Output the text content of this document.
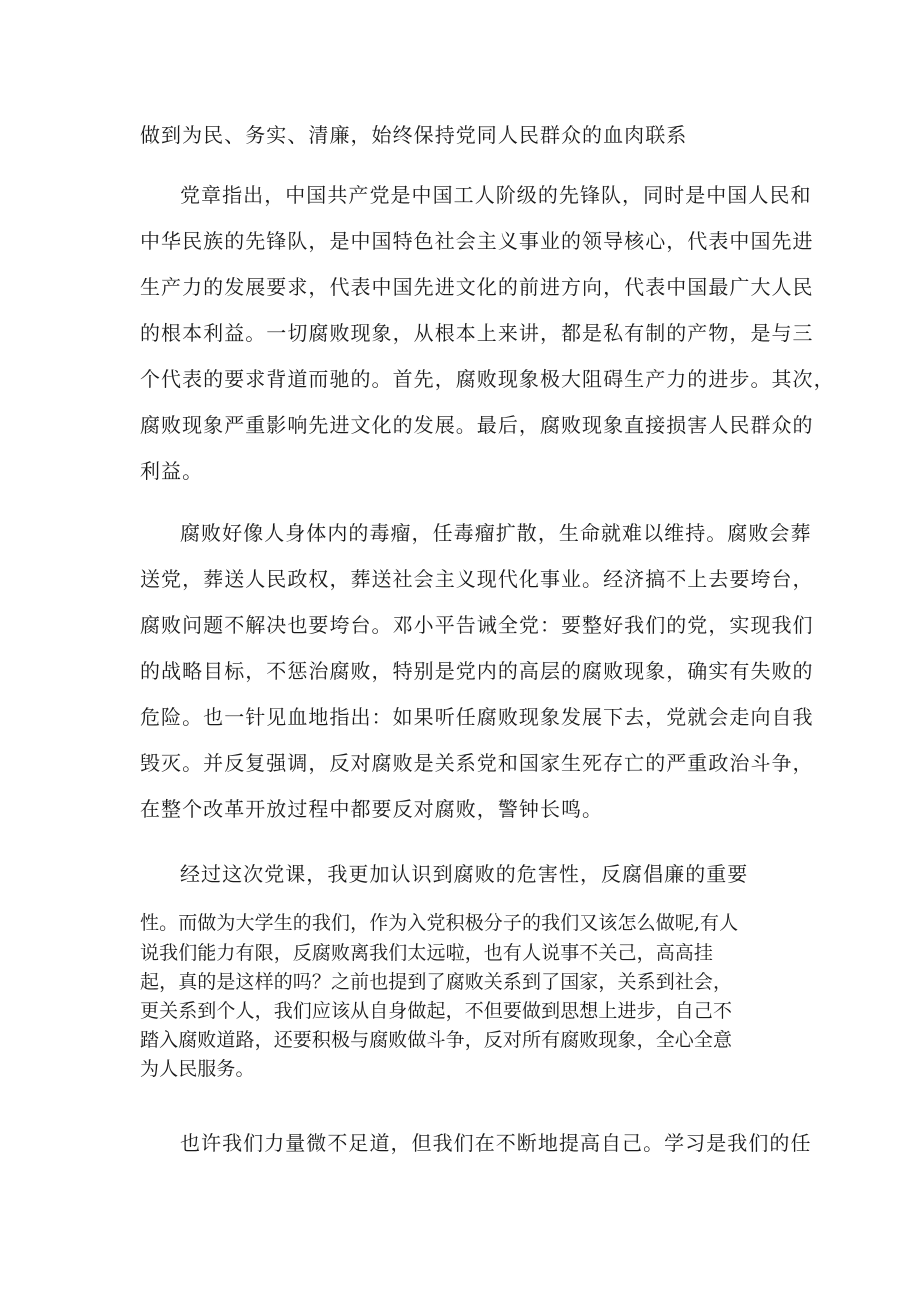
做到为民、务实、清廉，始终保持党同人民群众的血肉联系
党章指出，中国共产党是中国工人阶级的先锋队，同时是中国人民和
中华民族的先锋队，是中国特色社会主义事业的领导核心，代表中国先进
生产力的发展要求，代表中国先进文化的前进方向，代表中国最广大人民
的根本利益。一切腐败现象，从根本上来讲，都是私有制的产物，是与三
个代表的要求背道而驰的。首先，腐败现象极大阻碍生产力的进步。其次，
腐败现象严重影响先进文化的发展。最后，腐败现象直接损害人民群众的
利益。
腐败好像人身体内的毒瘤，任毒瘤扩散，生命就难以维持。腐败会葬
送党，葬送人民政权，葬送社会主义现代化事业。经济搞不上去要垮台，
腐败问题不解决也要垮台。邓小平告诫全党：要整好我们的党，实现我们
的战略目标，不惩治腐败，特别是党内的高层的腐败现象，确实有失败的
危险。也一针见血地指出：如果听任腐败现象发展下去，党就会走向自我
毁灭。并反复强调，反对腐败是关系党和国家生死存亡的严重政治斗争，
在整个改革开放过程中都要反对腐败，警钟长鸣。
经过这次党课，我更加认识到腐败的危害性，反腐倡廉的重要
性。而做为大学生的我们，作为入党积极分子的我们又该怎么做呢,有人
说我们能力有限，反腐败离我们太远啦，也有人说事不关己，高高挂
起，真的是这样的吗？之前也提到了腐败关系到了国家，关系到社会，
更关系到个人，我们应该从自身做起，不但要做到思想上进步，自己不
踏入腐败道路，还要积极与腐败做斗争，反对所有腐败现象，全心全意
为人民服务。
也许我们力量微不足道，但我们在不断地提高自己。学习是我们的任
